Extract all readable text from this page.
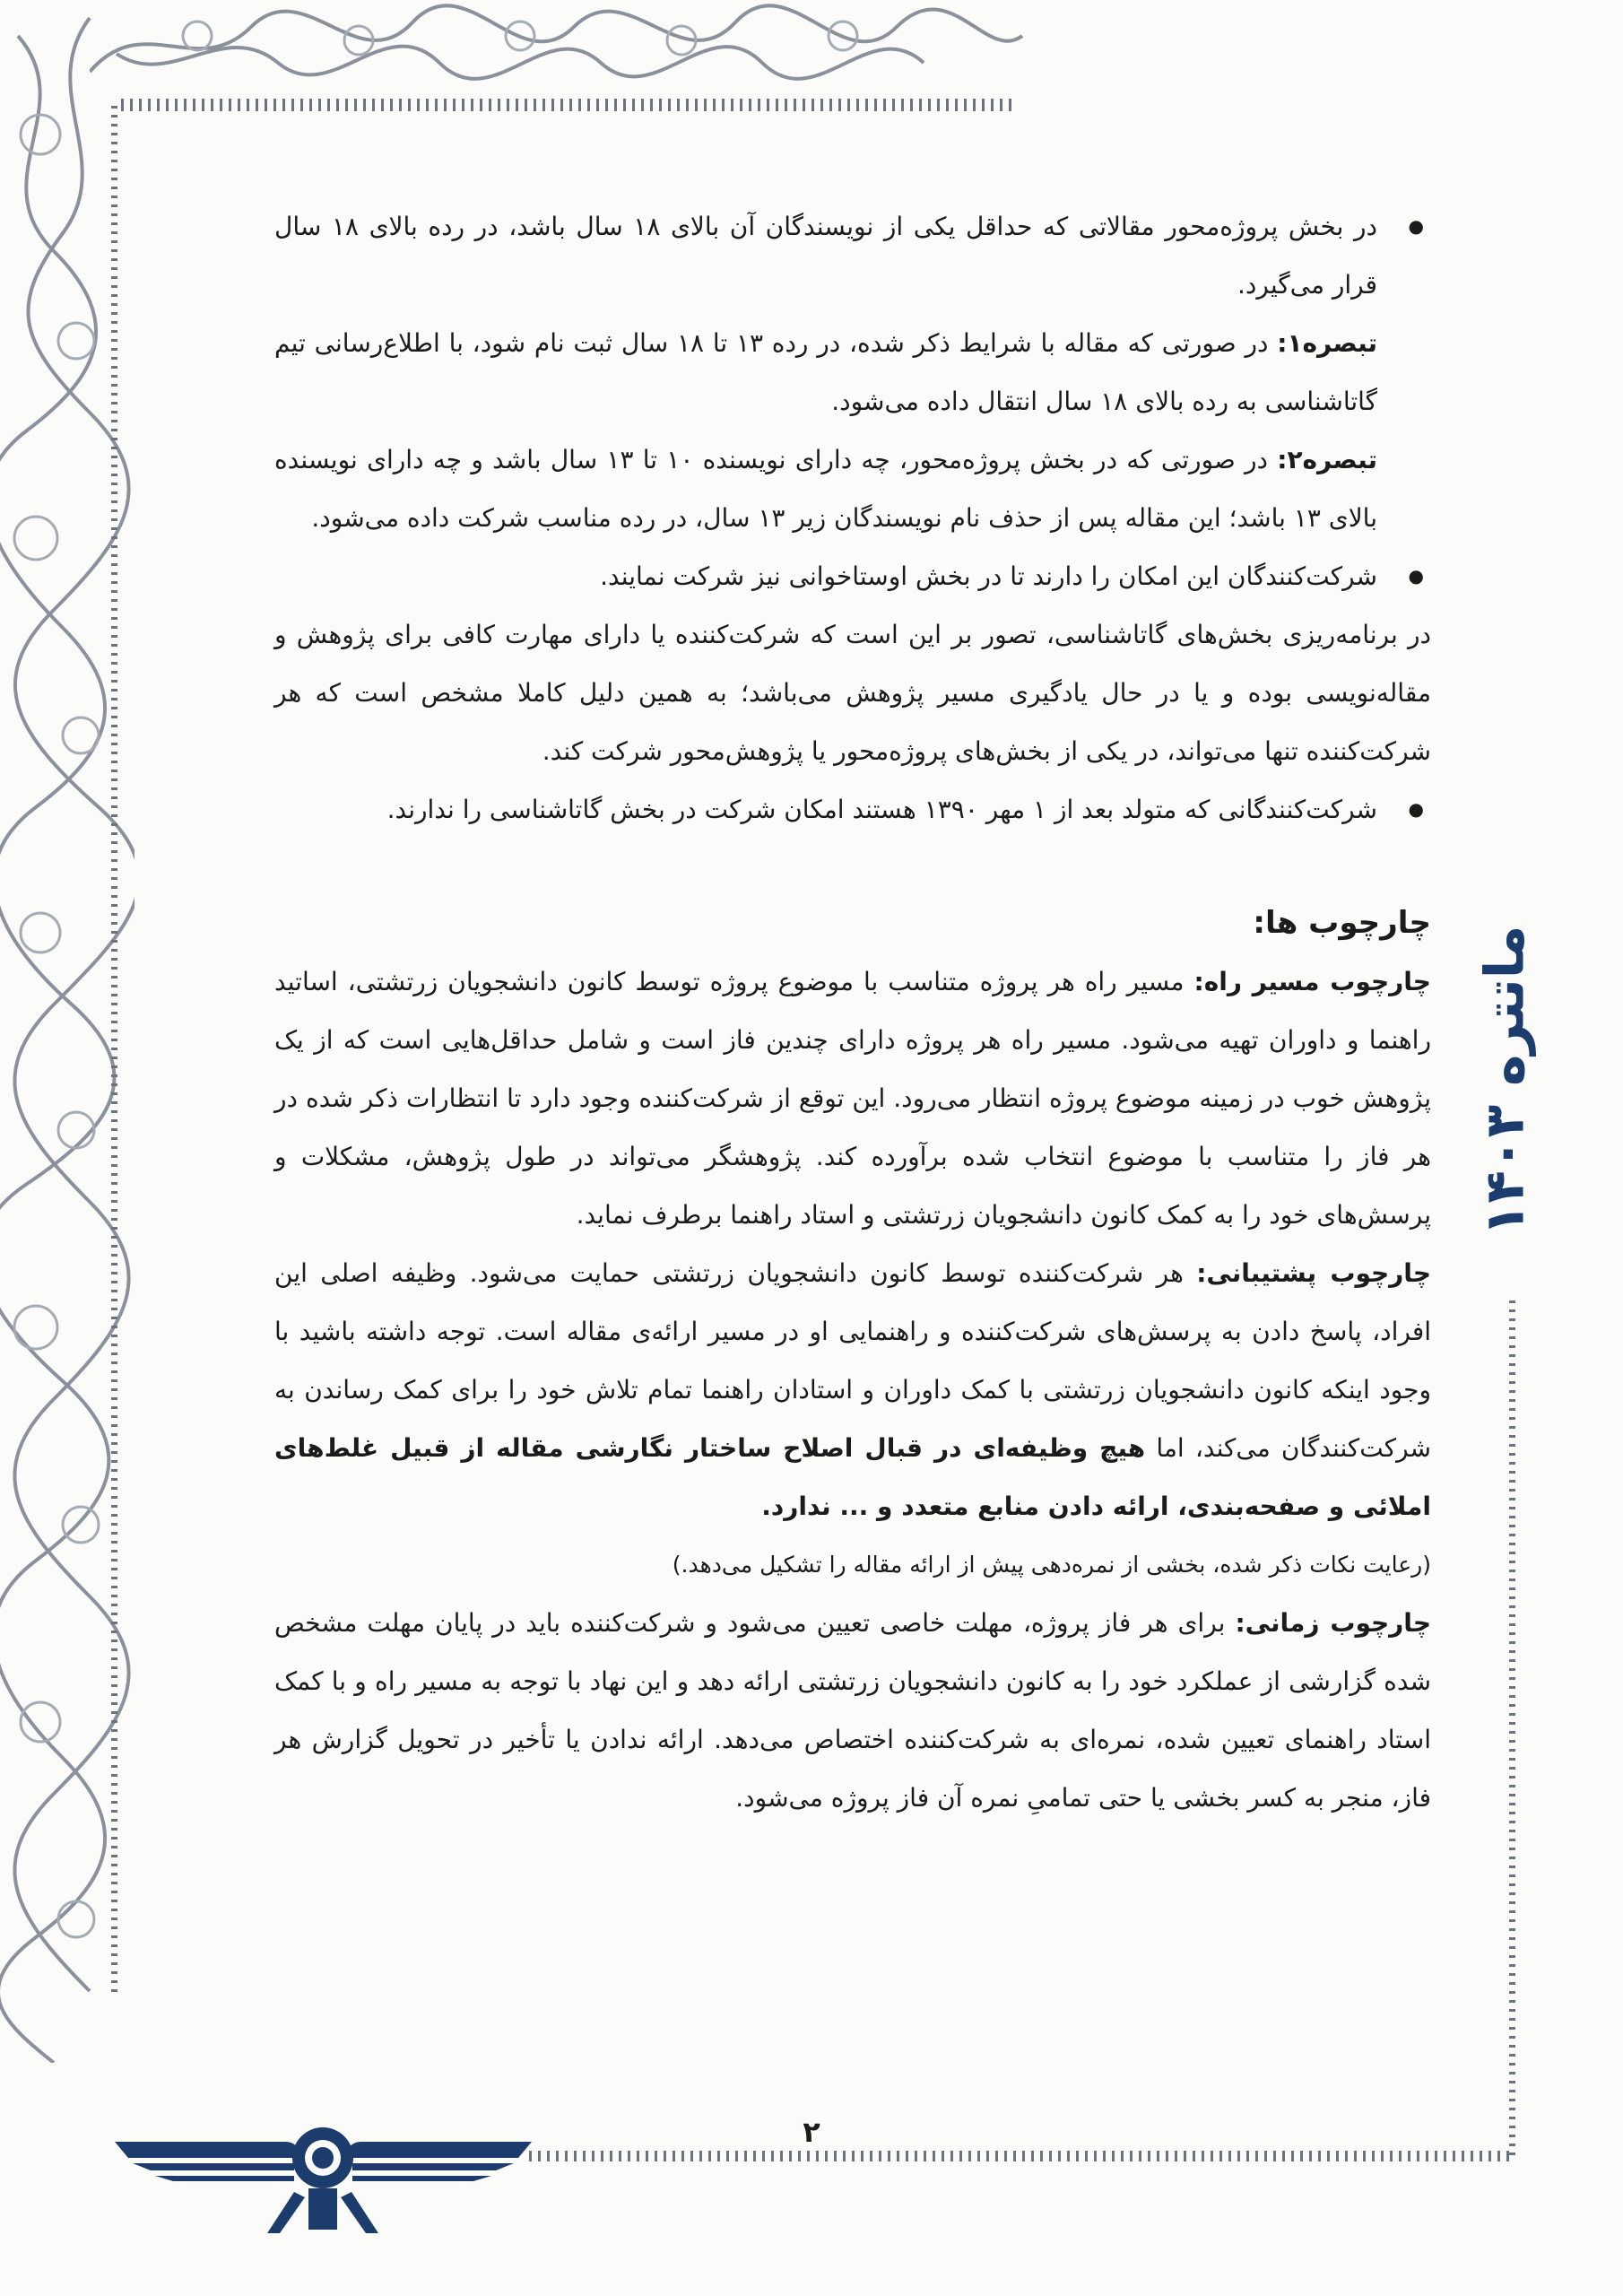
ماتتره ۱۴۰۳

● در بخش پروژه‌محور مقالاتی که حداقل یکی از نویسندگان آن بالای ۱۸ سال باشد، در رده بالای ۱۸ سال قرار می‌گیرد.

تبصره۱: در صورتی که مقاله با شرایط ذکر شده، در رده ۱۳ تا ۱۸ سال ثبت نام شود، با اطلاع‌رسانی تیم گاتاشناسی به رده بالای ۱۸ سال انتقال داده می‌شود.

تبصره۲: در صورتی که در بخش پروژه‌محور، چه دارای نویسنده ۱۰ تا ۱۳ سال باشد و چه دارای نویسنده بالای ۱۳ باشد؛ این مقاله پس از حذف نام نویسندگان زیر ۱۳ سال، در رده مناسب شرکت داده می‌شود.

● شرکت‌کنندگان این امکان را دارند تا در بخش اوستاخوانی نیز شرکت نمایند.

در برنامه‌ریزی بخش‌های گاتاشناسی، تصور بر این است که شرکت‌کننده یا دارای مهارت کافی برای پژوهش و مقاله‌نویسی بوده و یا در حال یادگیری مسیر پژوهش می‌باشد؛ به همین دلیل کاملا مشخص است که هر شرکت‌کننده تنها می‌تواند، در یکی از بخش‌های پروژه‌محور یا پژوهش‌محور شرکت کند.

● شرکت‌کنندگانی که متولد بعد از ۱ مهر ۱۳۹۰ هستند امکان شرکت در بخش گاتاشناسی را ندارند.

چارچوب ها:

چارچوب مسیر راه: مسیر راه هر پروژه متناسب با موضوع پروژه توسط کانون دانشجویان زرتشتی، اساتید راهنما و داوران تهیه می‌شود. مسیر راه هر پروژه دارای چندین فاز است و شامل حداقل‌هایی است که از یک پژوهش خوب در زمینه موضوع پروژه انتظار می‌رود. این توقع از شرکت‌کننده وجود دارد تا انتظارات ذکر شده در هر فاز را متناسب با موضوع انتخاب شده برآورده کند. پژوهشگر می‌تواند در طول پژوهش، مشکلات و پرسش‌های خود را به کمک کانون دانشجویان زرتشتی و استاد راهنما برطرف نماید.

چارچوب پشتیبانی: هر شرکت‌کننده توسط کانون دانشجویان زرتشتی حمایت می‌شود. وظیفه اصلی این افراد، پاسخ دادن به پرسش‌های شرکت‌کننده و راهنمایی او در مسیر ارائه‌ی مقاله است. توجه داشته باشید با وجود اینکه کانون دانشجویان زرتشتی با کمک داوران و استادان راهنما تمام تلاش خود را برای کمک رساندن به شرکت‌کنندگان می‌کند، اما هیچ وظیفه‌ای در قبال اصلاح ساختار نگارشی مقاله از قبیل غلط‌های املائی و صفحه‌بندی، ارائه دادن منابع متعدد و ... ندارد.

(رعایت نکات ذکر شده، بخشی از نمره‌دهی پیش از ارائه مقاله را تشکیل می‌دهد.)

چارچوب زمانی: برای هر فاز پروژه، مهلت خاصی تعیین می‌شود و شرکت‌کننده باید در پایان مهلت مشخص شده گزارشی از عملکرد خود را به کانون دانشجویان زرتشتی ارائه دهد و این نهاد با توجه به مسیر راه و با کمک استاد راهنمای تعیین شده، نمره‌ای به شرکت‌کننده اختصاص می‌دهد. ارائه ندادن یا تأخیر در تحویل گزارش هر فاز، منجر به کسر بخشی یا حتی تمامیِ نمره آن فاز پروژه می‌شود.

۲
